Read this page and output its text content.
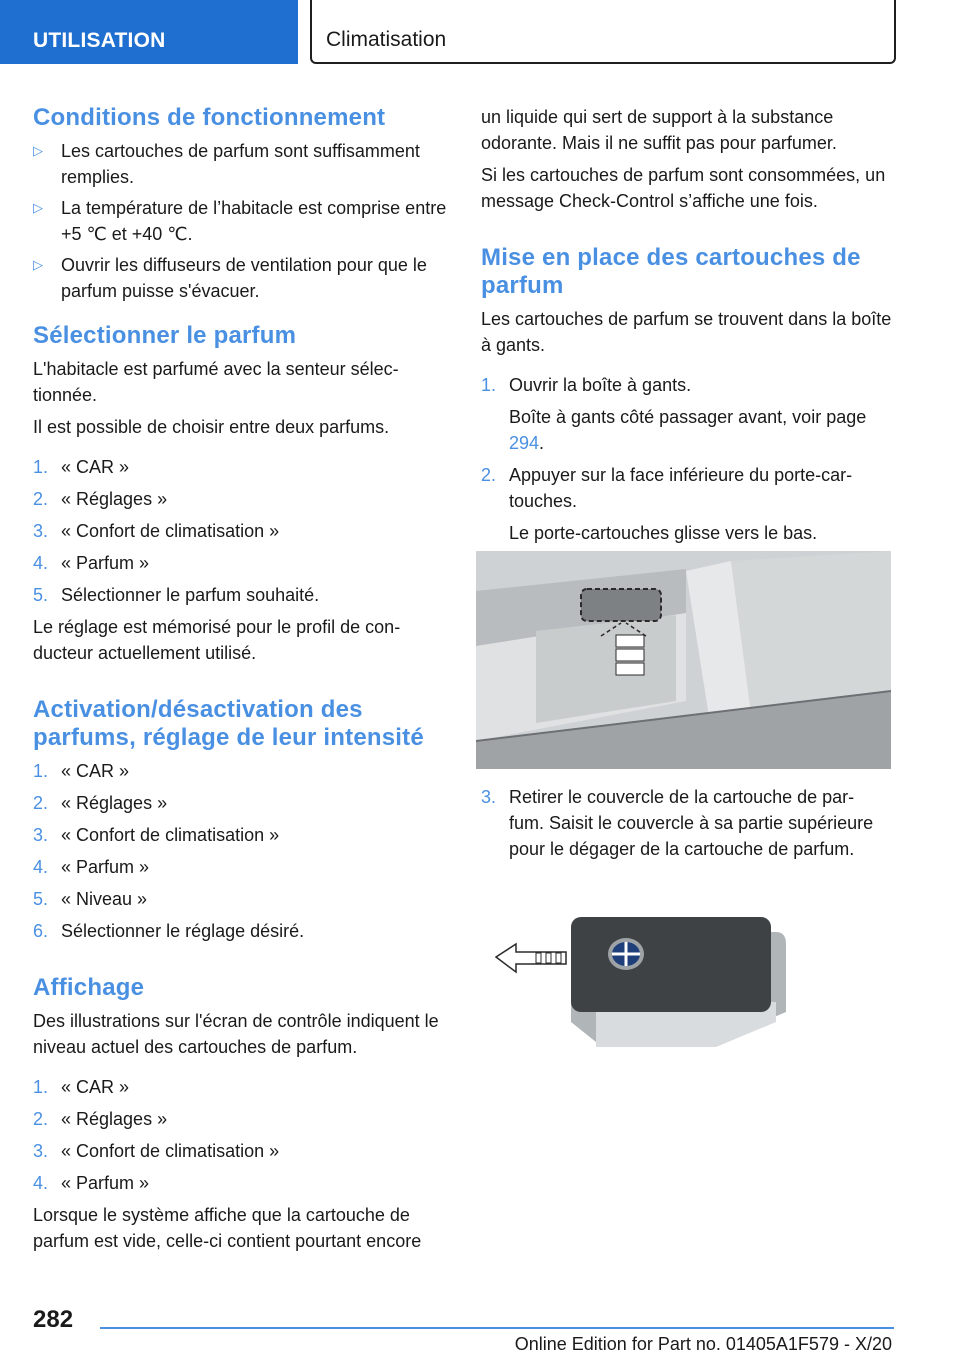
UTILISATION	Climatisation
Conditions de fonctionnement
▷	Les cartouches de parfum sont suffisamment remplies.
▷	La température de l’habitacle est comprise entre +5 ℃ et +40 ℃.
▷	Ouvrir les diffuseurs de ventilation pour que le parfum puisse s'évacuer.
Sélectionner le parfum

L'habitacle est parfumé avec la senteur sélec‐ tionnée.

Il est possible de choisir entre deux parfums.

1. « CAR »
2. « Réglages »
3. « Confort de climatisation »
4. « Parfum »
5. Sélectionner le parfum souhaité.

Le réglage est mémorisé pour le profil de con‐ ducteur actuellement utilisé.

Activation/désactivation des parfums, réglage de leur intensité
1. « CAR »
2. « Réglages »
3. « Confort de climatisation »
4. « Parfum »
5. « Niveau »
6. Sélectionner le réglage désiré.
Affichage

Des illustrations sur l'écran de contrôle indiquent le niveau actuel des cartouches de parfum.

1. « CAR »
2. « Réglages »
3. « Confort de climatisation »
4. « Parfum »

Lorsque le système affiche que la cartouche de parfum est vide, celle-ci contient pourtant encore

un liquide qui sert de support à la substance odorante. Mais il ne suffit pas pour parfumer.

Si les cartouches de parfum sont consommées, un message Check-Control s’affiche une fois.

Mise en place des cartouches de parfum

Les cartouches de parfum se trouvent dans la boîte à gants.

1. Ouvrir la boîte à gants.
Boîte à gants côté passager avant, voir page 294.
2. Appuyer sur la face inférieure du porte-car‐ touches.
Le porte-cartouches glisse vers le bas.
3. Retirer le couvercle de la cartouche de par‐ fum. Saisit le couvercle à sa partie supérieure pour le dégager de la cartouche de parfum.
282
Online Edition for Part no. 01405A1F579 - X/20
